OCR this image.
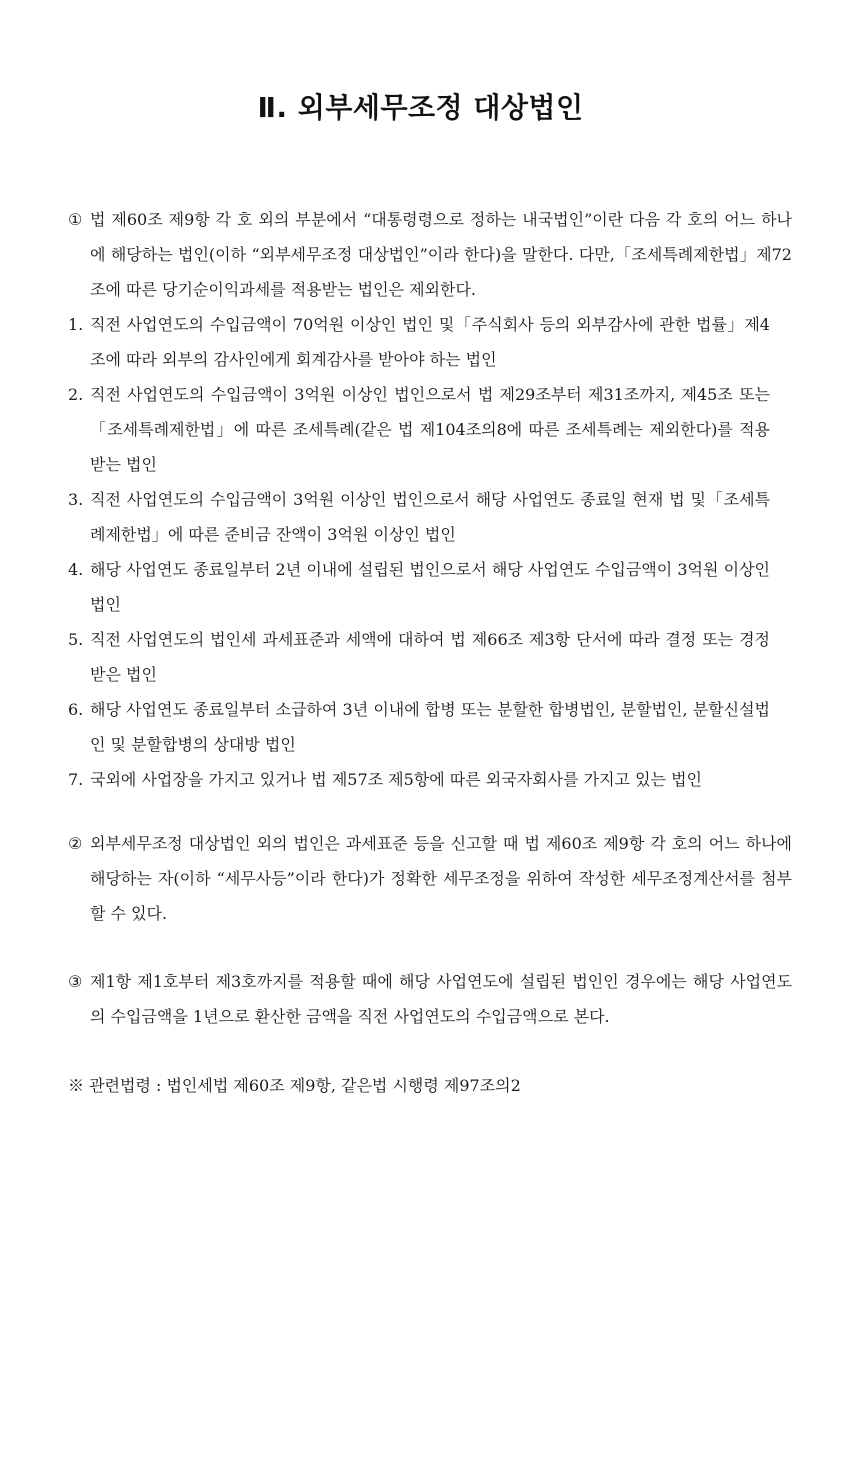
Ⅱ. 외부세무조정 대상법인
① 법 제60조 제9항 각 호 외의 부분에서 “대통령령으로 정하는 내국법인”이란 다음 각 호의 어느 하나에 해당하는 법인(이하 “외부세무조정 대상법인”이라 한다)을 말한다. 다만,「조세특례제한법」제72조에 따른 당기순이익과세를 적용받는 법인은 제외한다.
1. 직전 사업연도의 수입금액이 70억원 이상인 법인 및「주식회사 등의 외부감사에 관한 법률」제4조에 따라 외부의 감사인에게 회계감사를 받아야 하는 법인
2. 직전 사업연도의 수입금액이 3억원 이상인 법인으로서 법 제29조부터 제31조까지, 제45조 또는「조세특례제한법」에 따른 조세특례(같은 법 제104조의8에 따른 조세특례는 제외한다)를 적용받는 법인
3. 직전 사업연도의 수입금액이 3억원 이상인 법인으로서 해당 사업연도 종료일 현재 법 및「조세특례제한법」에 따른 준비금 잔액이 3억원 이상인 법인
4. 해당 사업연도 종료일부터 2년 이내에 설립된 법인으로서 해당 사업연도 수입금액이 3억원 이상인 법인
5. 직전 사업연도의 법인세 과세표준과 세액에 대하여 법 제66조 제3항 단서에 따라 결정 또는 경정받은 법인
6. 해당 사업연도 종료일부터 소급하여 3년 이내에 합병 또는 분할한 합병법인, 분할법인, 분할신설법인 및 분할합병의 상대방 법인
7. 국외에 사업장을 가지고 있거나 법 제57조 제5항에 따른 외국자회사를 가지고 있는 법인
② 외부세무조정 대상법인 외의 법인은 과세표준 등을 신고할 때 법 제60조 제9항 각 호의 어느 하나에 해당하는 자(이하 “세무사등”이라 한다)가 정확한 세무조정을 위하여 작성한 세무조정계산서를 첨부할 수 있다.
③ 제1항 제1호부터 제3호까지를 적용할 때에 해당 사업연도에 설립된 법인인 경우에는 해당 사업연도의 수입금액을 1년으로 환산한 금액을 직전 사업연도의 수입금액으로 본다.
※ 관련법령 : 법인세법 제60조 제9항, 같은법 시행령 제97조의2
